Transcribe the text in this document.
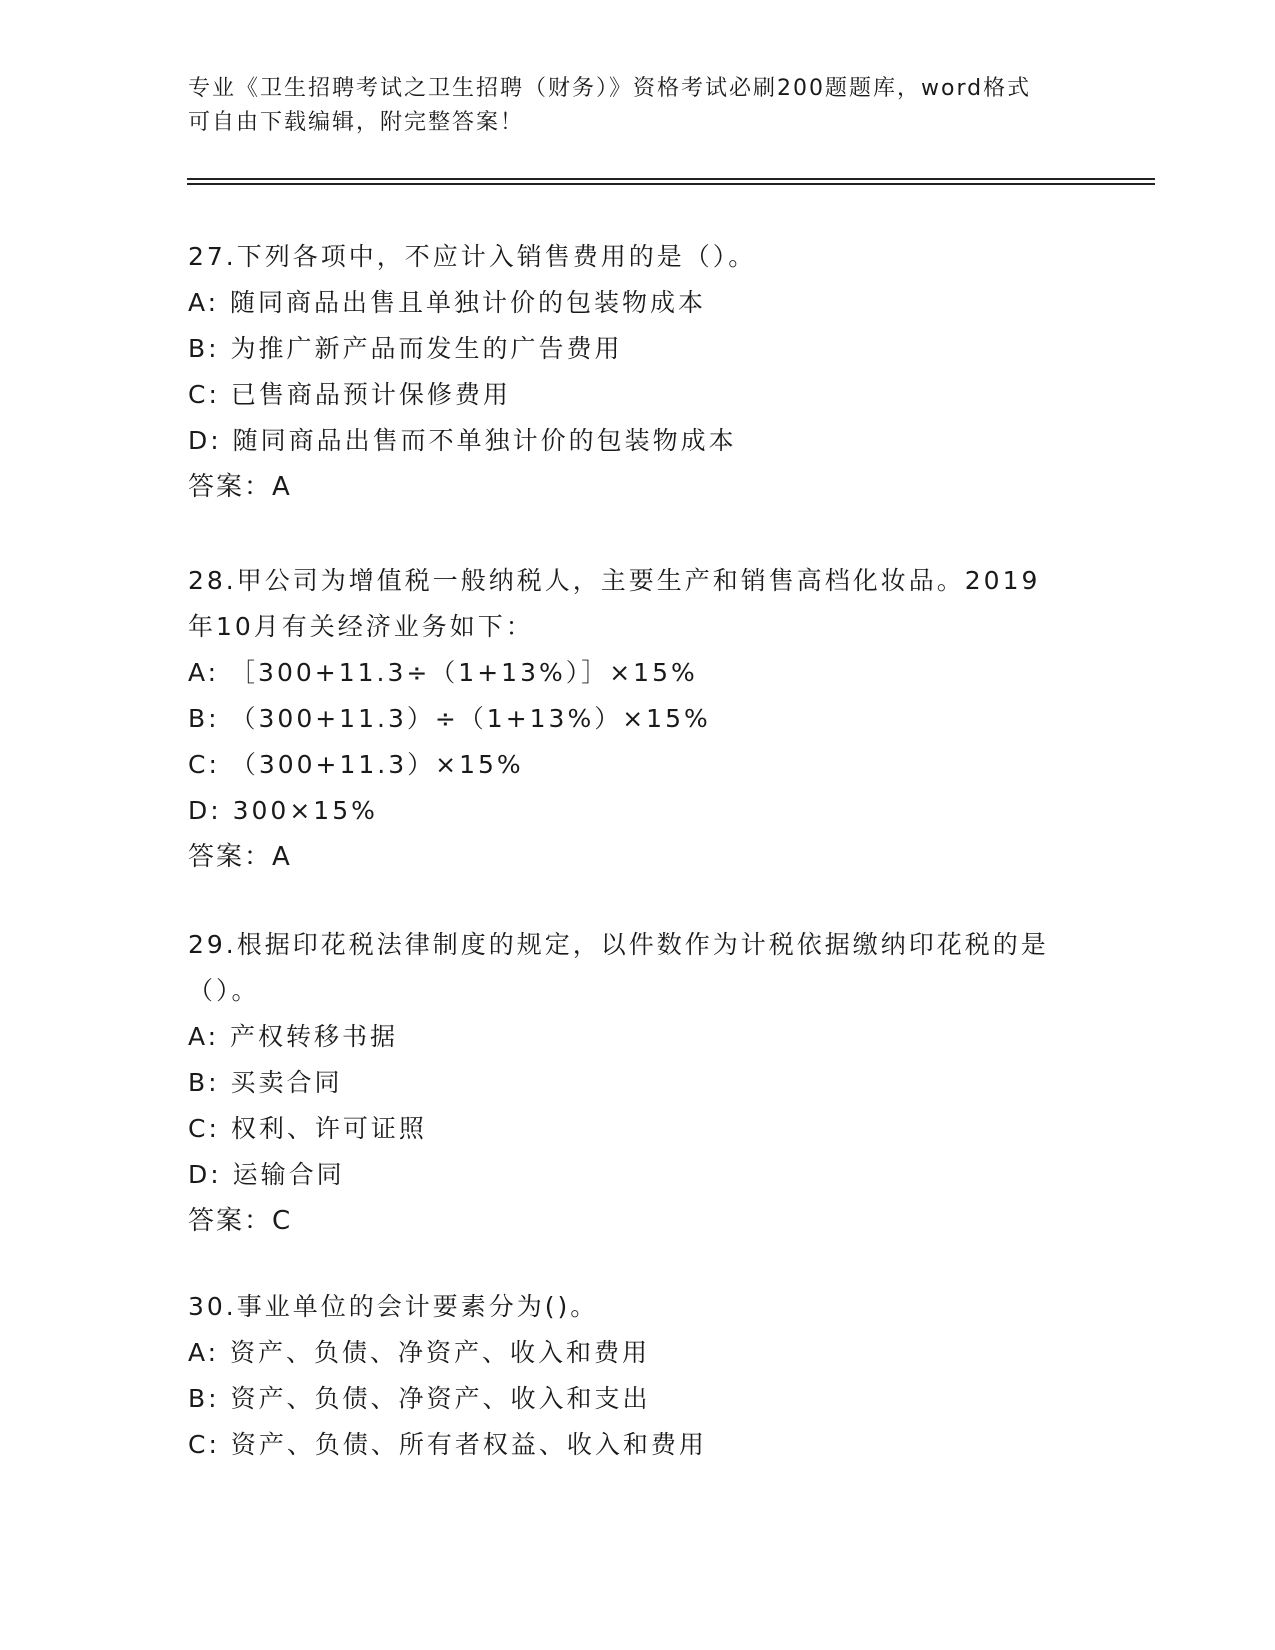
专业《卫生招聘考试之卫生招聘（财务）》资格考试必刷200题题库，word格式
可自由下载编辑，附完整答案！
27.下列各项中，不应计入销售费用的是（）。
A: 随同商品出售且单独计价的包装物成本
B: 为推广新产品而发生的广告费用
C: 已售商品预计保修费用
D: 随同商品出售而不单独计价的包装物成本
答案：A
28.甲公司为增值税一般纳税人，主要生产和销售高档化妆品。2019
年10月有关经济业务如下：
A: ［300+11.3÷（1+13%）］×15%
B: （300+11.3）÷（1+13%）×15%
C: （300+11.3）×15%
D: 300×15%
答案：A
29.根据印花税法律制度的规定，以件数作为计税依据缴纳印花税的是
（）。
A: 产权转移书据
B: 买卖合同
C: 权利、许可证照
D: 运输合同
答案：C
30.事业单位的会计要素分为()。
A: 资产、负债、净资产、收入和费用
B: 资产、负债、净资产、收入和支出
C: 资产、负债、所有者权益、收入和费用
